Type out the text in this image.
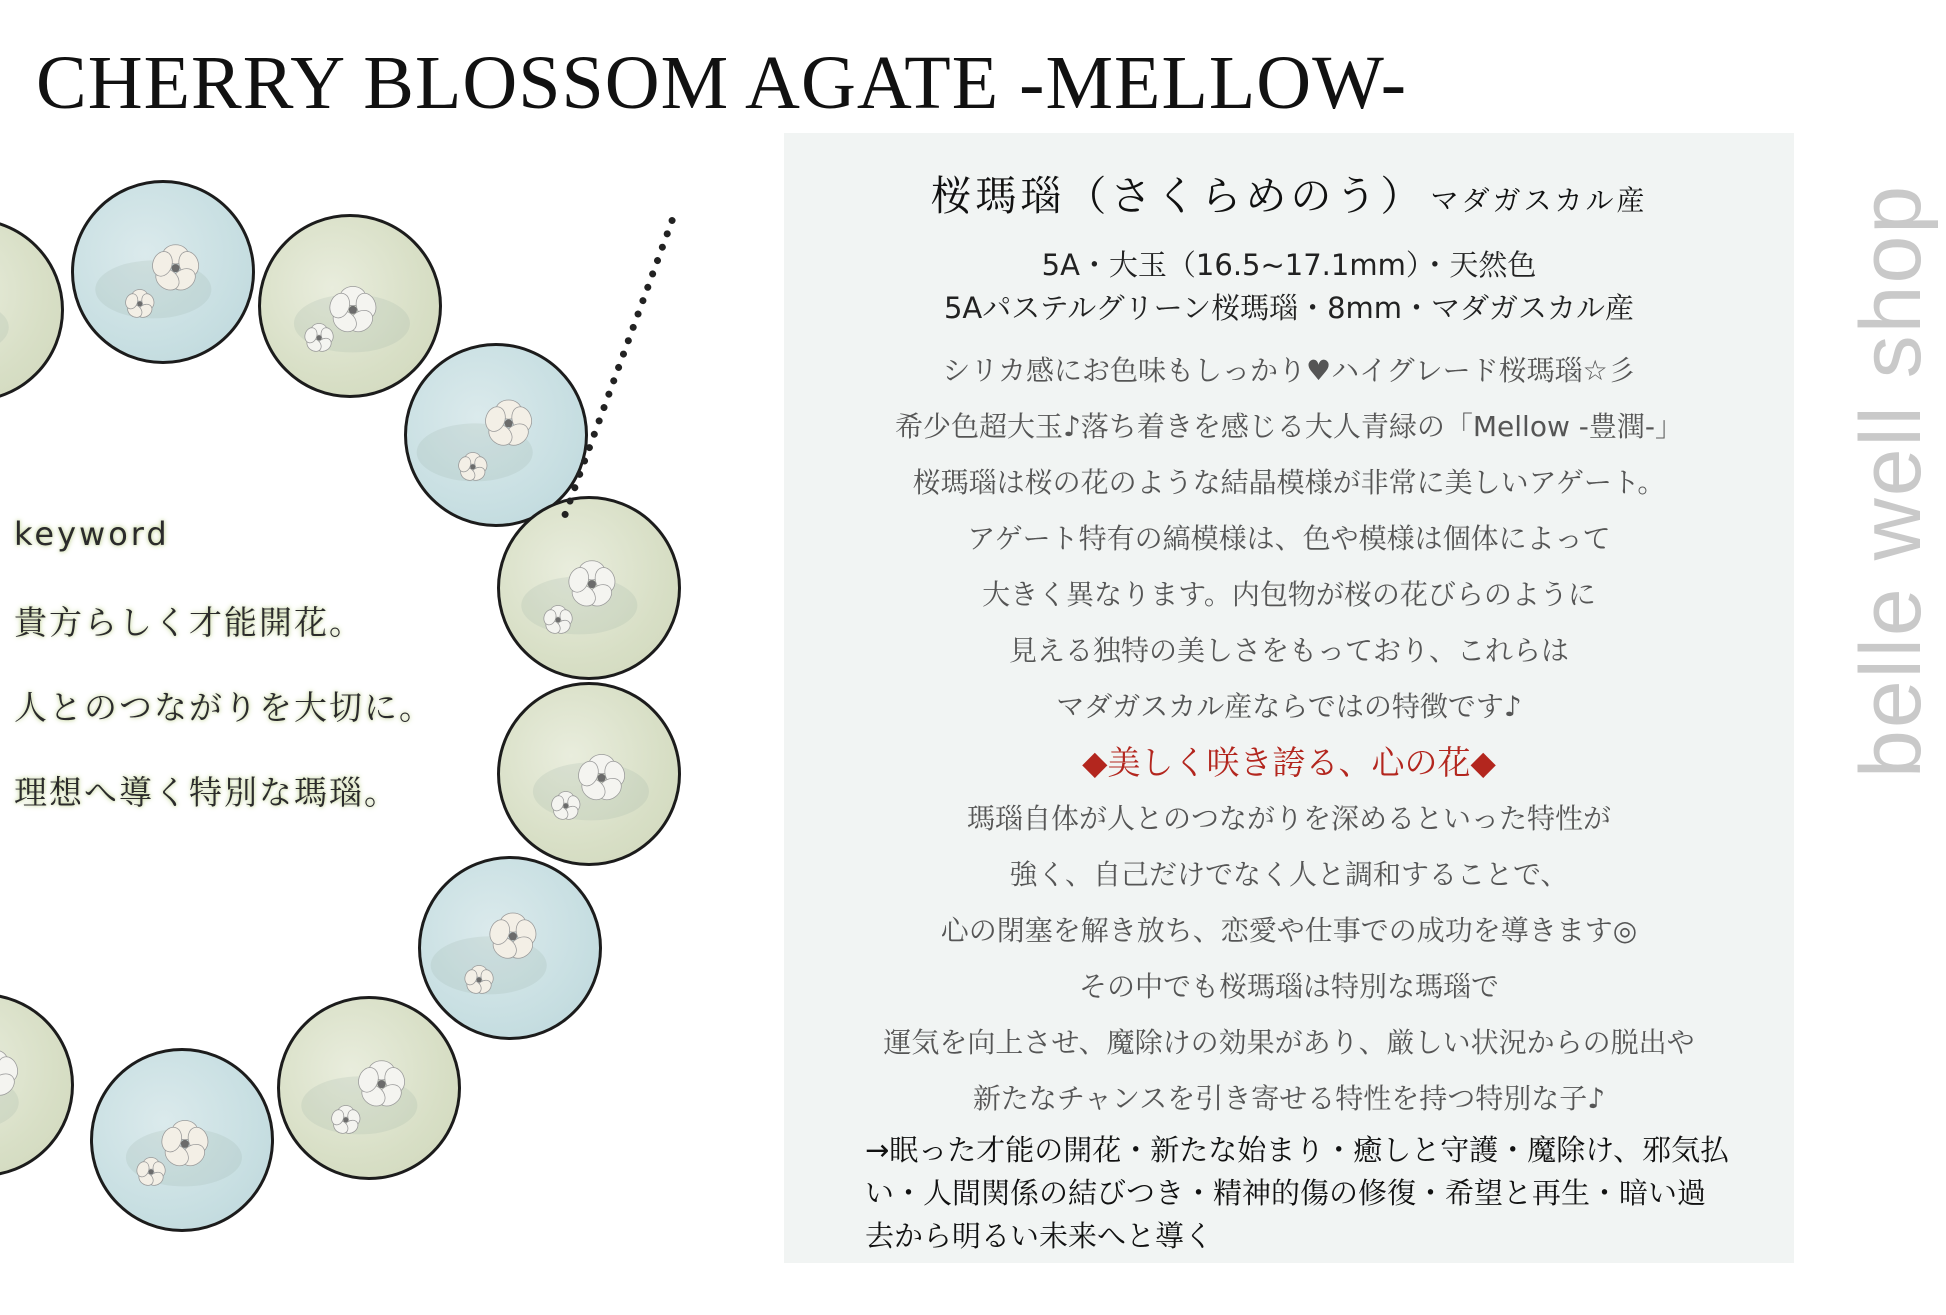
CHERRY BLOSSOM AGATE -MELLOW-
belle well shop
keyword
貴方らしく才能開花。
人とのつながりを大切に。
理想へ導く特別な瑪瑙。
桜瑪瑙（さくらめのう） マダガスカル産
5A・大玉（16.5~17.1mm）・天然色
5Aパステルグリーン桜瑪瑙・8mm・マダガスカル産
シリカ感にお色味もしっかり♥ハイグレード桜瑪瑙☆彡
希少色超大玉♪落ち着きを感じる大人青緑の「Mellow -豊潤-」
桜瑪瑙は桜の花のような結晶模様が非常に美しいアゲート。
アゲート特有の縞模様は、色や模様は個体によって
大きく異なります。内包物が桜の花びらのように
見える独特の美しさをもっており、これらは
マダガスカル産ならではの特徴です♪
◆美しく咲き誇る、心の花◆
瑪瑙自体が人とのつながりを深めるといった特性が
強く、自己だけでなく人と調和することで、
心の閉塞を解き放ち、恋愛や仕事での成功を導きます◎
その中でも桜瑪瑙は特別な瑪瑙で
運気を向上させ、魔除けの効果があり、厳しい状況からの脱出や
新たなチャンスを引き寄せる特性を持つ特別な子♪
→眠った才能の開花・新たな始まり・癒しと守護・魔除け、邪気払い・人間関係の結びつき・精神的傷の修復・希望と再生・暗い過去から明るい未来へと導く
